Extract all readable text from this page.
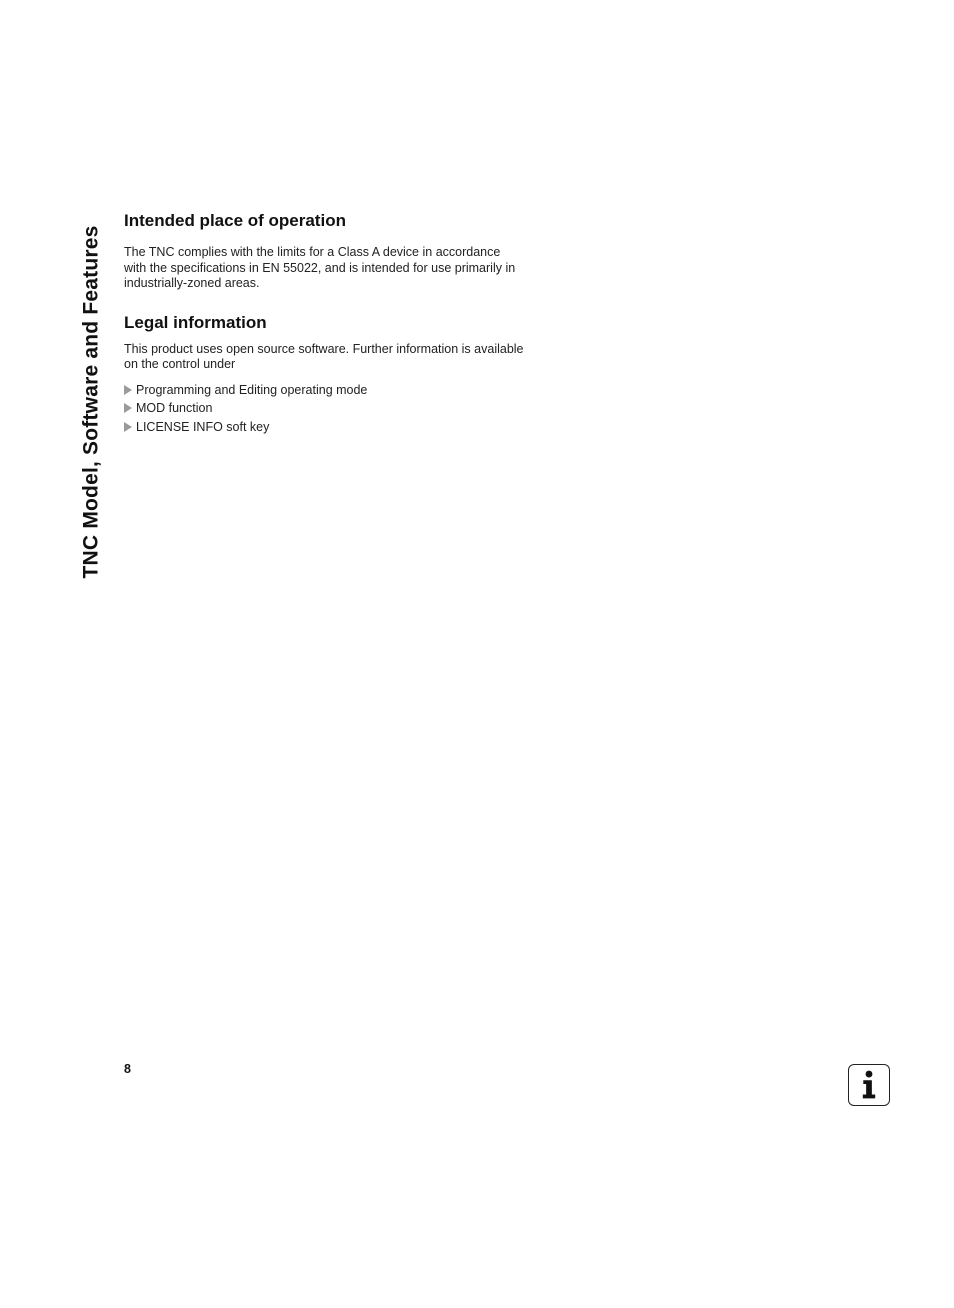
TNC Model, Software and Features
Intended place of operation

The TNC complies with the limits for a Class A device in accordance with the specifications in EN 55022, and is intended for use primarily in industrially-zoned areas.

Legal information

This product uses open source software. Further information is available on the control under

Programming and Editing operating mode
MOD function
LICENSE INFO soft key
8
